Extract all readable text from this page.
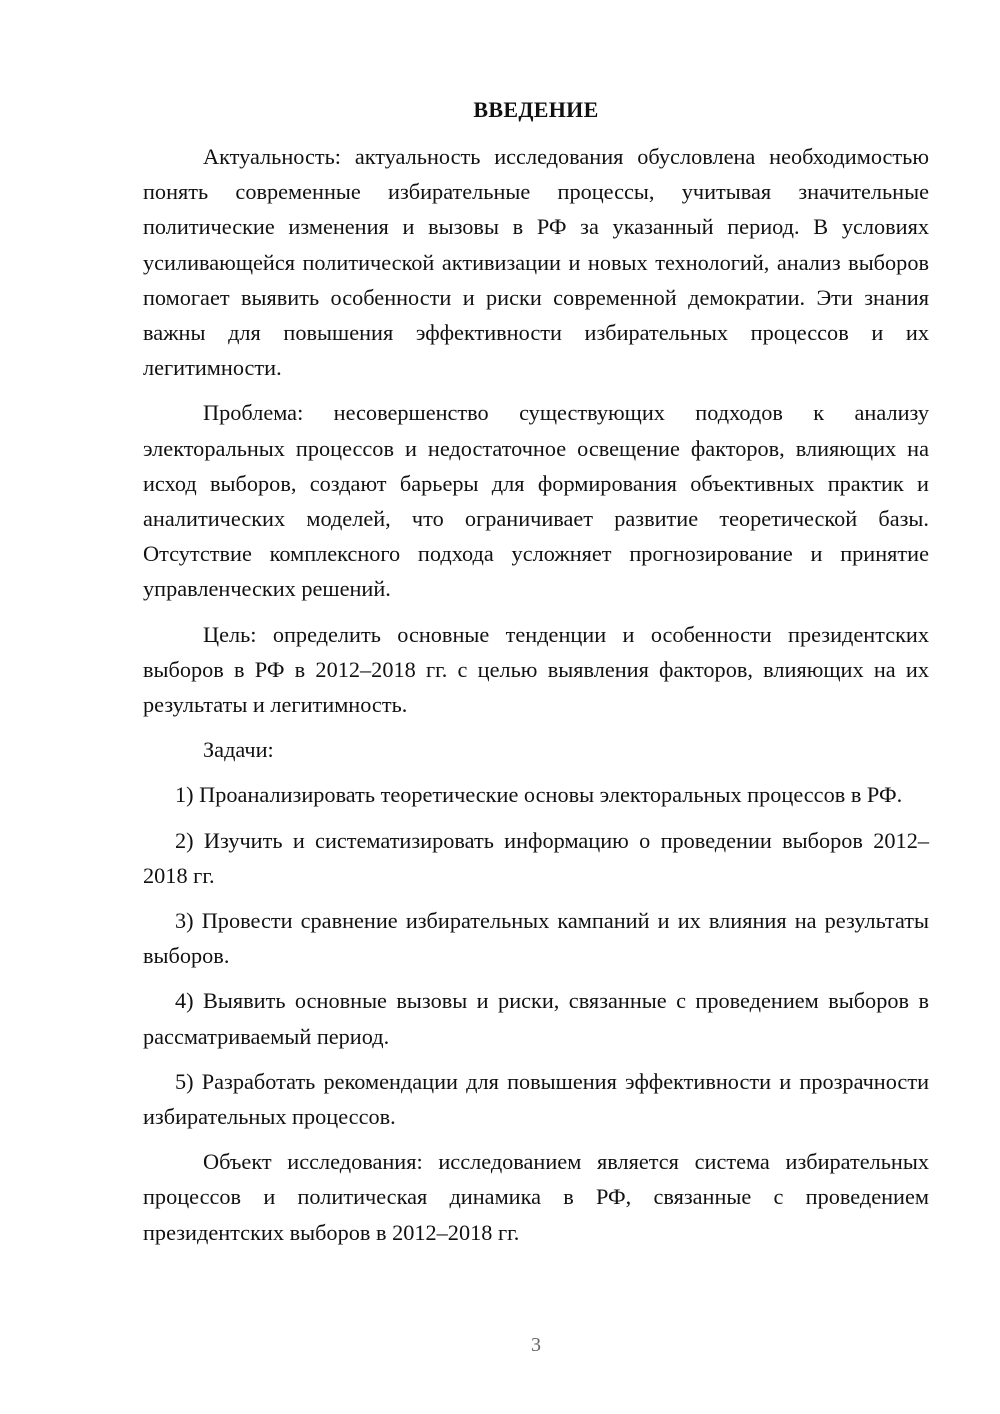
ВВЕДЕНИЕ

Актуальность: актуальность исследования обусловлена необходимостью понять современные избирательные процессы, учитывая значительные политические изменения и вызовы в РФ за указанный период. В условиях усиливающейся политической активизации и новых технологий, анализ выборов помогает выявить особенности и риски современной демократии. Эти знания важны для повышения эффективности избирательных процессов и их легитимности.

Проблема: несовершенство существующих подходов к анализу электоральных процессов и недостаточное освещение факторов, влияющих на исход выборов, создают барьеры для формирования объективных практик и аналитических моделей, что ограничивает развитие теоретической базы. Отсутствие комплексного подхода усложняет прогнозирование и принятие управленческих решений.

Цель: определить основные тенденции и особенности президентских выборов в РФ в 2012–2018 гг. с целью выявления факторов, влияющих на их результаты и легитимность.

Задачи:

1) Проанализировать теоретические основы электоральных процессов в РФ.

2) Изучить и систематизировать информацию о проведении выборов 2012–2018 гг.

3) Провести сравнение избирательных кампаний и их влияния на результаты выборов.

4) Выявить основные вызовы и риски, связанные с проведением выборов в рассматриваемый период.

5) Разработать рекомендации для повышения эффективности и прозрачности избирательных процессов.

Объект исследования: исследованием является система избирательных процессов и политическая динамика в РФ, связанные с проведением президентских выборов в 2012–2018 гг.

3
